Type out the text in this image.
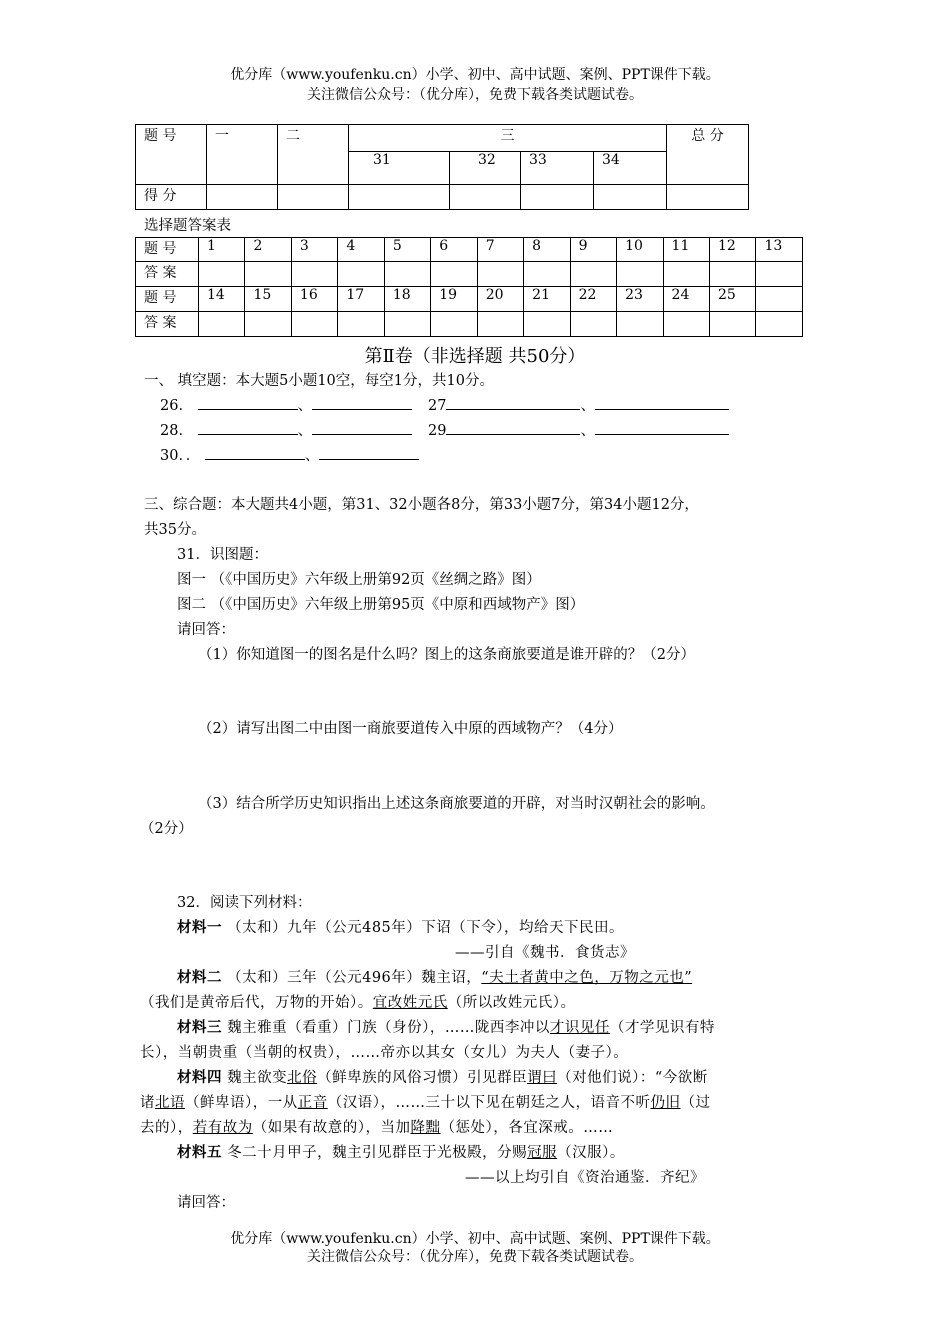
优分库（www.youfenku.cn）小学、初中、高中试题、案例、PPT课件下载。
关注微信公众号：（优分库），免费下载各类试题试卷。
题 号	一	二	三				总 分
			31	32	33	34	
得 分							
选择题答案表
题 号	1	2	3	4	5	6	7	8	9	10	11	12	13
答 案													
题 号	14	15	16	17	18	19	20	21	22	23	24	25	
答 案													
第Ⅱ卷（非选择题 共50分）
一、 填空题：本大题5小题10空，每空1分，共10分。
26．	、	27	、
28．	、	29	、
30．．	、
三、综合题：本大题共4小题，第31、32小题各8分，第33小题7分，第34小题12分，
共35分。
31．识图题：
图一 （《中国历史》六年级上册第92页《丝绸之路》图）
图二 （《中国历史》六年级上册第95页《中原和西域物产》图）
请回答：
（1）你知道图一的图名是什么吗？图上的这条商旅要道是谁开辟的？（2分）
（2）请写出图二中由图一商旅要道传入中原的西域物产？（4分）
（3）结合所学历史知识指出上述这条商旅要道的开辟，对当时汉朝社会的影响。
（2分）
32．阅读下列材料：
材料一 （太和）九年（公元485年）下诏（下令），均给天下民田。
——引自《魏书．食货志》
材料二 （太和）三年（公元496年）魏主诏，“夫土者黄中之色，万物之元也”
（我们是黄帝后代，万物的开始）。宜改姓元氏（所以改姓元氏）。
材料三 魏主雅重（看重）门族（身份），……陇西李冲以才识见任（才学见识有特
长），当朝贵重（当朝的权贵），……帝亦以其女（女儿）为夫人（妻子）。
材料四 魏主欲变北俗（鲜卑族的风俗习惯）引见群臣谓曰（对他们说）：“今欲断
诸北语（鲜卑语），一从正音（汉语），……三十以下见在朝廷之人，语音不听仍旧（过
去的），若有故为（如果有故意的），当加降黜（惩处），各宜深戒。……
材料五 冬二十月甲子，魏主引见群臣于光极殿，分赐冠服（汉服）。
——以上均引自《资治通鉴．齐纪》
请回答：
优分库（www.youfenku.cn）小学、初中、高中试题、案例、PPT课件下载。
关注微信公众号：（优分库），免费下载各类试题试卷。
